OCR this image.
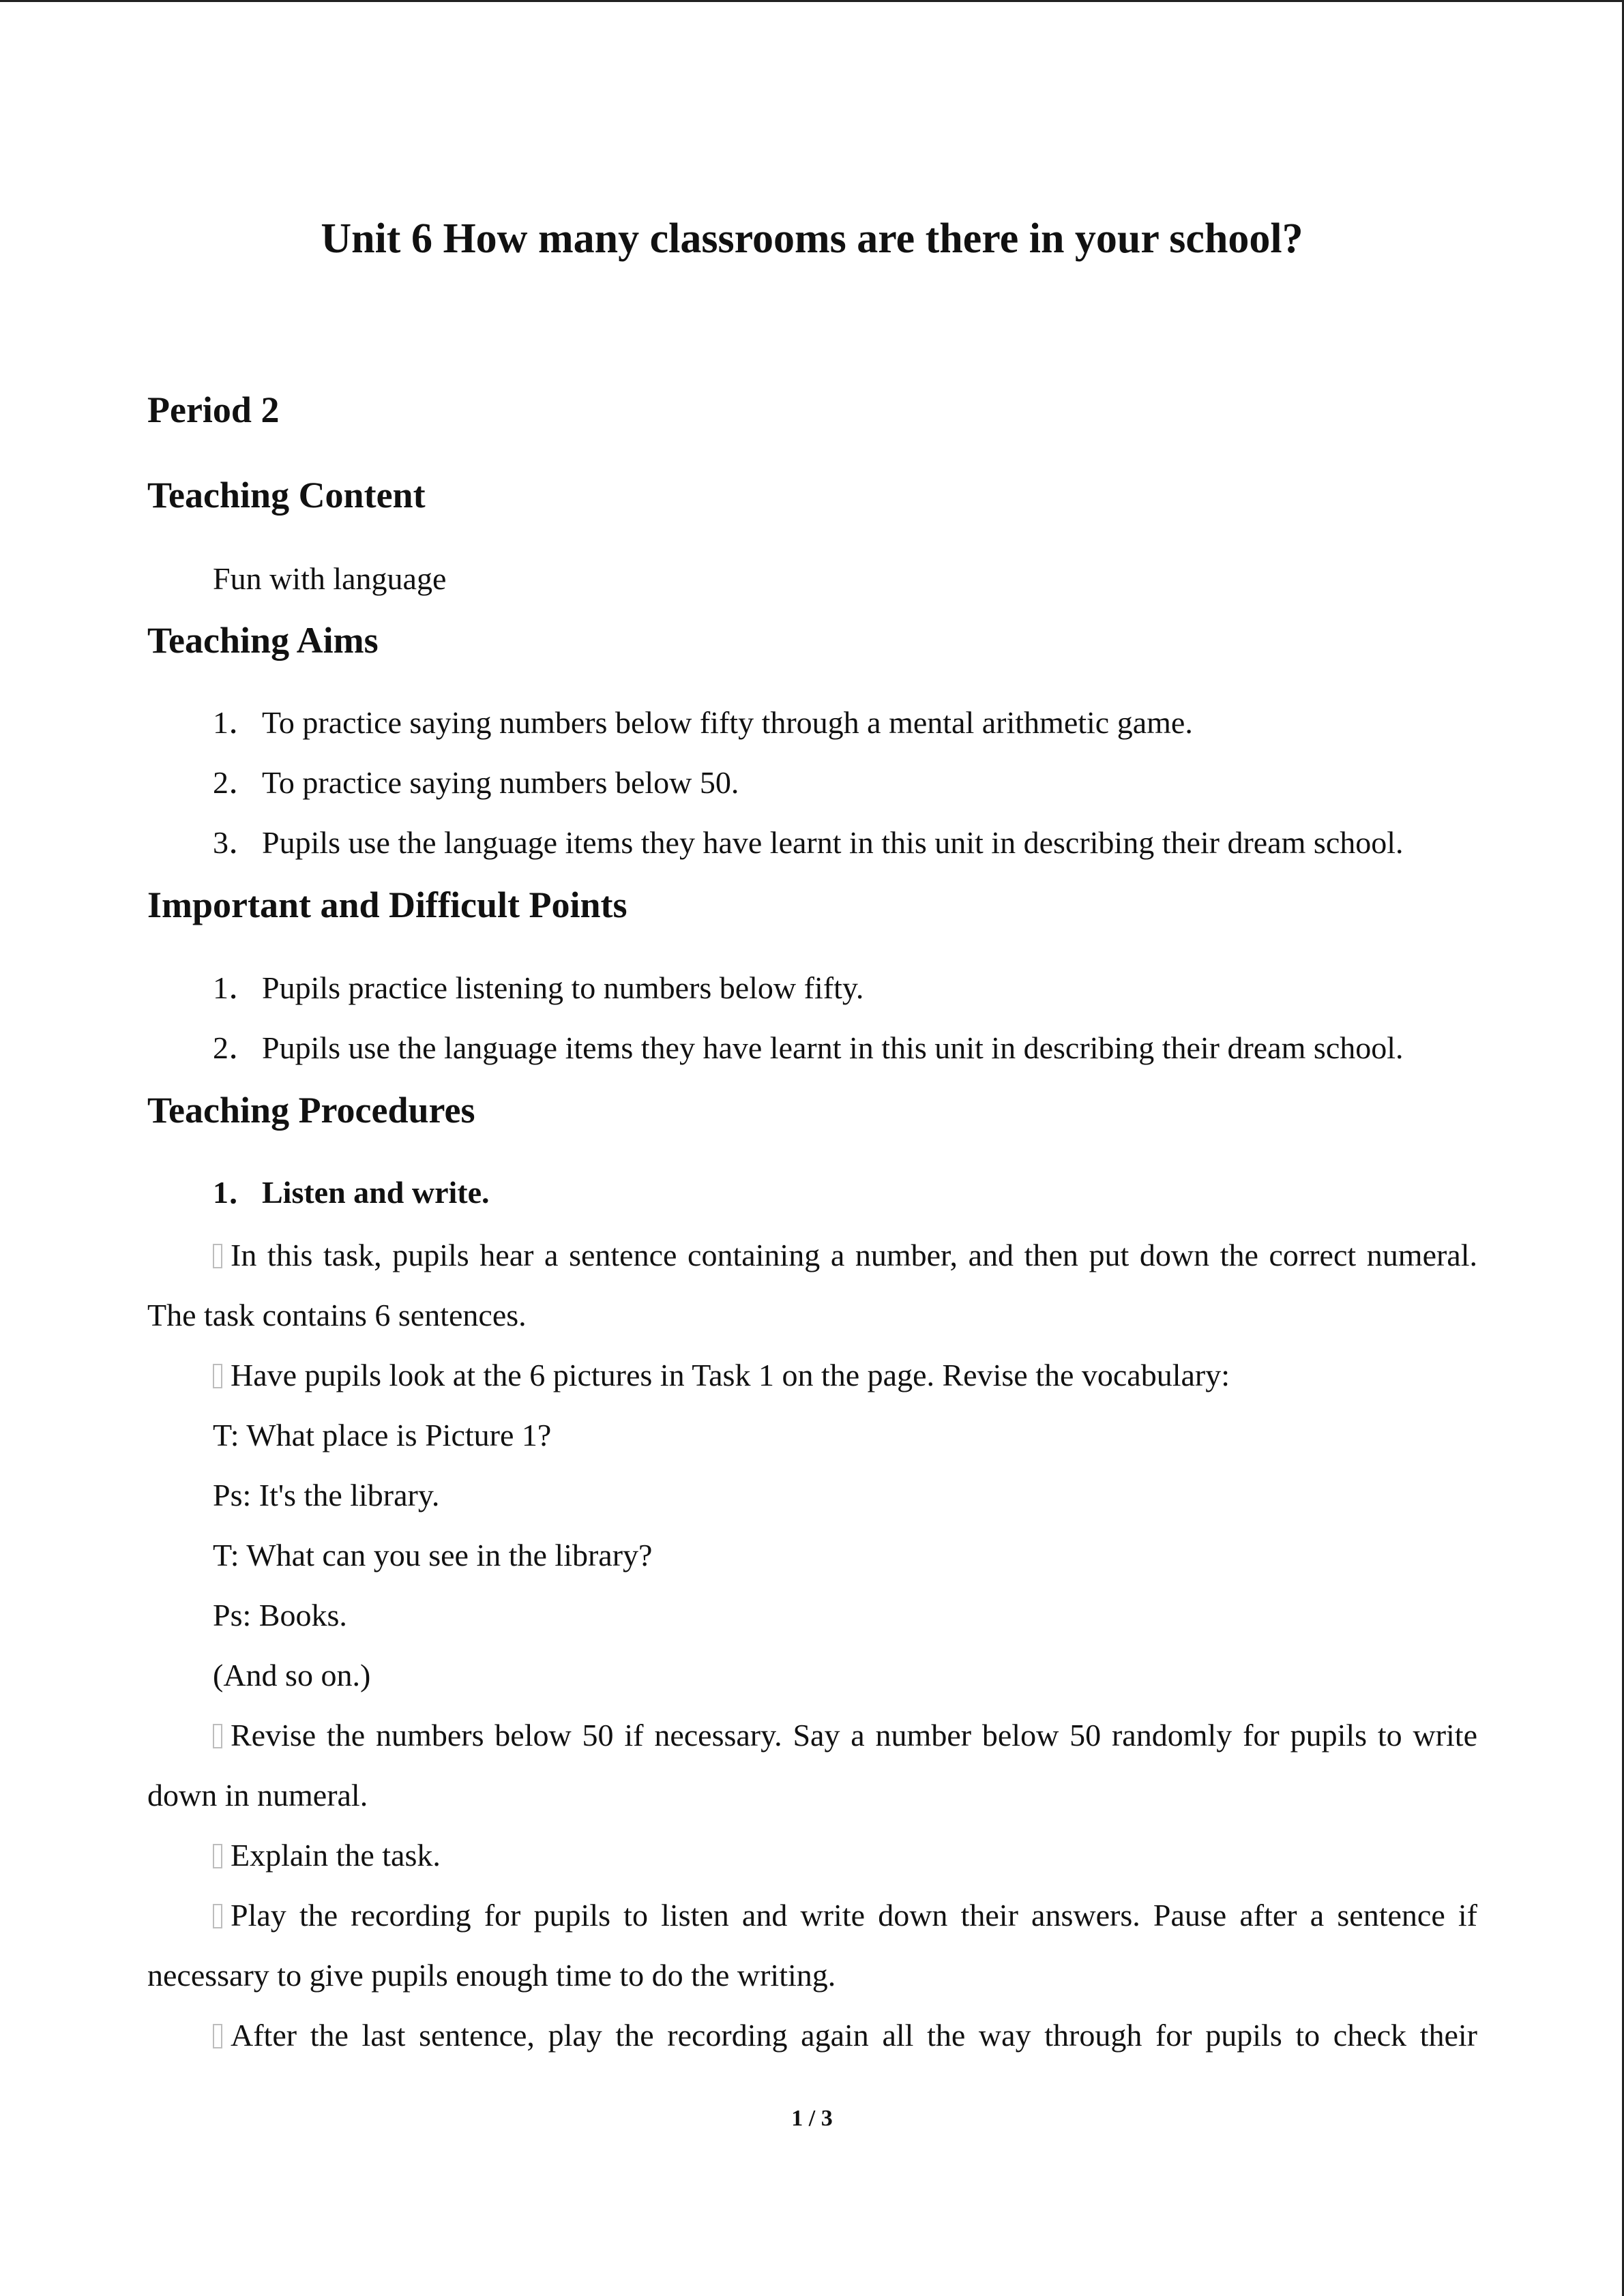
Unit 6 How many classrooms are there in your school?
Period 2
Teaching Content
Fun with language
Teaching Aims
1．To practice saying numbers below fifty through a mental arithmetic game.
2．To practice saying numbers below 50.
3．Pupils use the language items they have learnt in this unit in describing their dream school.
Important and Difficult Points
1．Pupils practice listening to numbers below fifty.
2．Pupils use the language items they have learnt in this unit in describing their dream school.
Teaching Procedures
1．Listen and write.
In this task, pupils hear a sentence containing a number, and then put down the correct numeral.
The task contains 6 sentences.
Have pupils look at the 6 pictures in Task 1 on the page. Revise the vocabulary:
T: What place is Picture 1?
Ps: It's the library.
T: What can you see in the library?
Ps: Books.
(And so on.)
Revise the numbers below 50 if necessary. Say a number below 50 randomly for pupils to write
down in numeral.
Explain the task.
Play the recording for pupils to listen and write down their answers. Pause after a sentence if
necessary to give pupils enough time to do the writing.
After the last sentence, play the recording again all the way through for pupils to check their
1 / 3
